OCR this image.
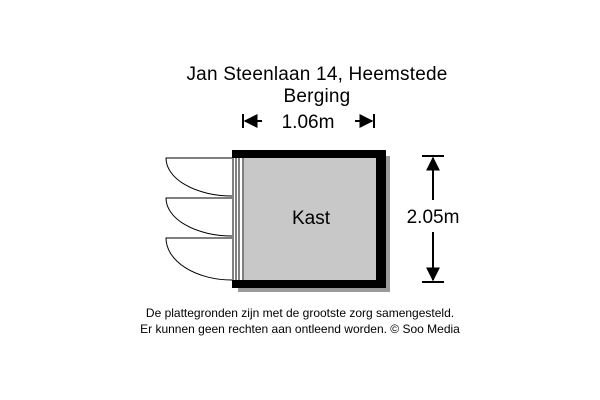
Jan Steenlaan 14, Heemstede
Berging
1.06m
Kast	2.05m
De plattegronden zijn met de grootste zorg samengesteld.
Er kunnen geen rechten aan ontleend worden. © Soo Media
